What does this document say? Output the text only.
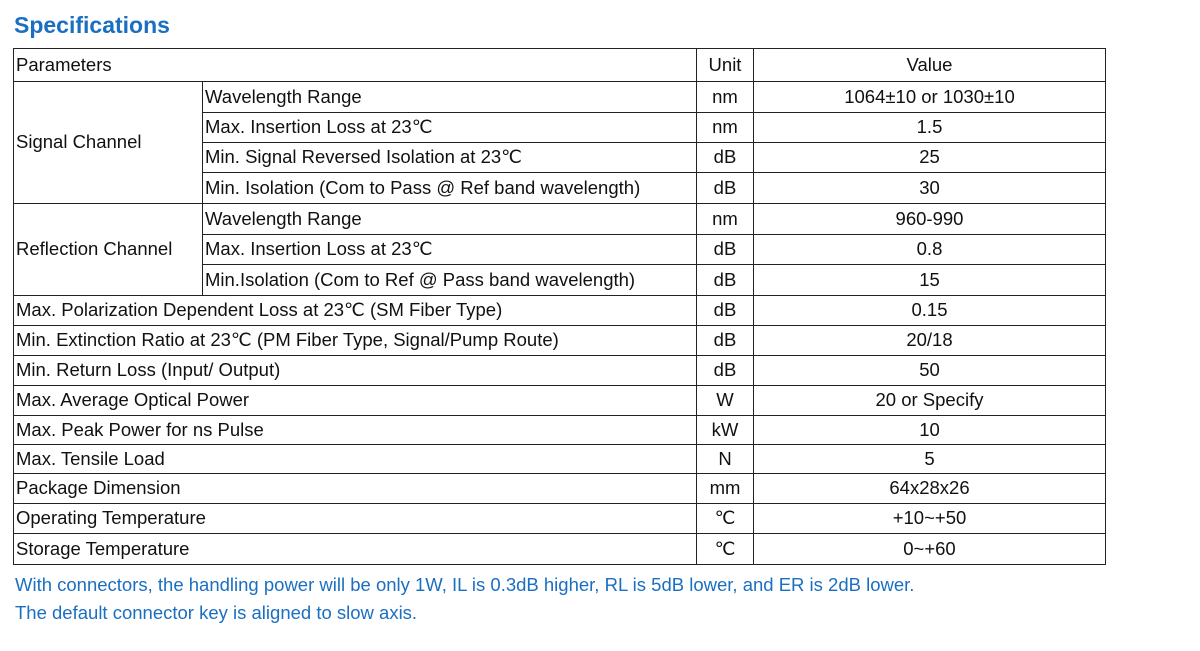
Specifications
Parameters		Unit	Value
Signal Channel	Wavelength Range	nm	1064±10 or 1030±10
	Max. Insertion Loss at 23℃	nm	1.5
	Min. Signal Reversed Isolation at 23℃	dB	25
	Min. Isolation (Com to Pass @ Ref band wavelength)	dB	30
Reflection Channel	Wavelength Range	nm	960-990
	Max. Insertion Loss at 23℃	dB	0.8
	Min.Isolation (Com to Ref @ Pass band wavelength)	dB	15
Max. Polarization Dependent Loss at 23℃ (SM Fiber Type)		dB	0.15
Min. Extinction Ratio at 23℃ (PM Fiber Type, Signal/Pump Route)		dB	20/18
Min. Return Loss (Input/ Output)		dB	50
Max. Average Optical Power		W	20 or Specify
Max. Peak Power for ns Pulse		kW	10
Max. Tensile Load		N	5
Package Dimension		mm	64x28x26
Operating Temperature		℃	+10~+50
Storage Temperature		℃	0~+60
With connectors, the handling power will be only 1W, IL is 0.3dB higher, RL is 5dB lower, and ER is 2dB lower.
The default connector key is aligned to slow axis.
